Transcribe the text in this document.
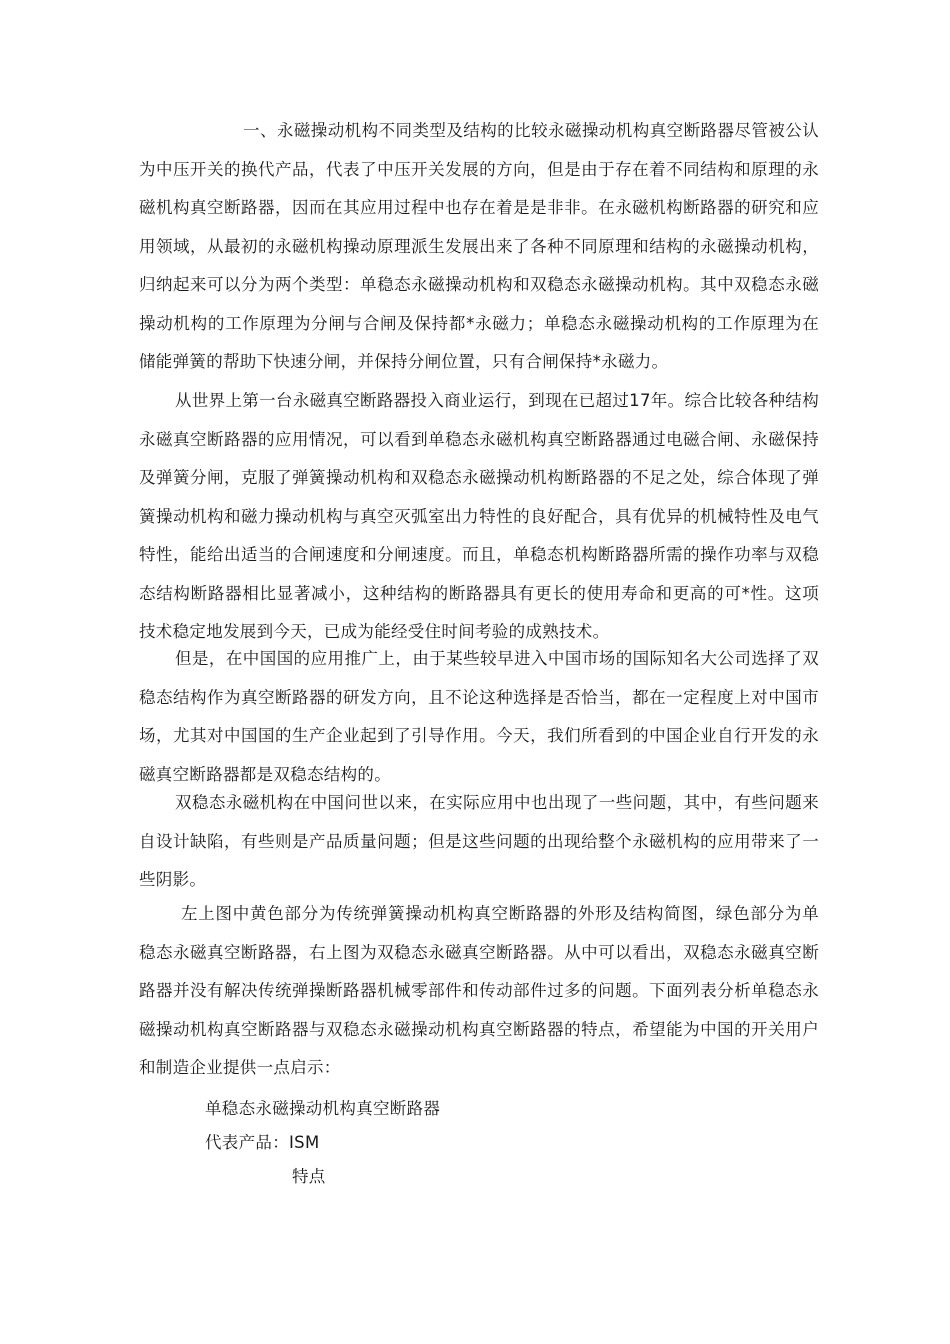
一、永磁操动机构不同类型及结构的比较永磁操动机构真空断路器尽管被公认为中压开关的换代产品，代表了中压开关发展的方向，但是由于存在着不同结构和原理的永磁机构真空断路器，因而在其应用过程中也存在着是是非非。在永磁机构断路器的研究和应用领域，从最初的永磁机构操动原理派生发展出来了各种不同原理和结构的永磁操动机构，归纳起来可以分为两个类型：单稳态永磁操动机构和双稳态永磁操动机构。其中双稳态永磁操动机构的工作原理为分闸与合闸及保持都*永磁力；单稳态永磁操动机构的工作原理为在储能弹簧的帮助下快速分闸，并保持分闸位置，只有合闸保持*永磁力。

从世界上第一台永磁真空断路器投入商业运行，到现在已超过17年。综合比较各种结构永磁真空断路器的应用情况，可以看到单稳态永磁机构真空断路器通过电磁合闸、永磁保持及弹簧分闸，克服了弹簧操动机构和双稳态永磁操动机构断路器的不足之处，综合体现了弹簧操动机构和磁力操动机构与真空灭弧室出力特性的良好配合，具有优异的机械特性及电气特性，能给出适当的合闸速度和分闸速度。而且，单稳态机构断路器所需的操作功率与双稳态结构断路器相比显著减小，这种结构的断路器具有更长的使用寿命和更高的可*性。这项技术稳定地发展到今天，已成为能经受住时间考验的成熟技术。

但是，在中国国的应用推广上，由于某些较早进入中国市场的国际知名大公司选择了双稳态结构作为真空断路器的研发方向，且不论这种选择是否恰当，都在一定程度上对中国市场，尤其对中国国的生产企业起到了引导作用。今天，我们所看到的中国企业自行开发的永磁真空断路器都是双稳态结构的。

双稳态永磁机构在中国问世以来，在实际应用中也出现了一些问题，其中，有些问题来自设计缺陷，有些则是产品质量问题；但是这些问题的出现给整个永磁机构的应用带来了一些阴影。

左上图中黄色部分为传统弹簧操动机构真空断路器的外形及结构简图，绿色部分为单稳态永磁真空断路器，右上图为双稳态永磁真空断路器。从中可以看出，双稳态永磁真空断路器并没有解决传统弹操断路器机械零部件和传动部件过多的问题。下面列表分析单稳态永磁操动机构真空断路器与双稳态永磁操动机构真空断路器的特点，希望能为中国的开关用户和制造企业提供一点启示：

单稳态永磁操动机构真空断路器

代表产品：ISM

特点
